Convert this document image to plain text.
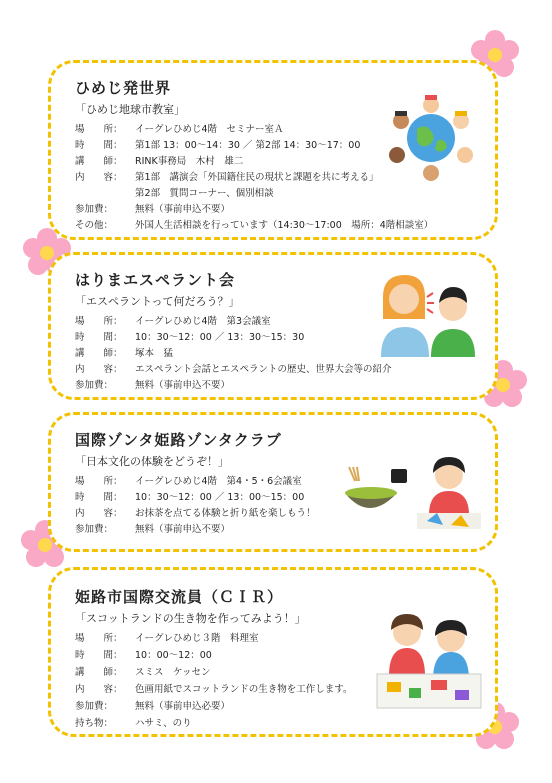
ひめじ発世界
「ひめじ地球市教室」
場　　所：	イーグレひめじ4階　セミナー室Ａ
時　　間：	第1部 13：00～14：30 ／ 第2部 14：30～17：00
講　　師：	RINK事務局　木村　雄二
内　　容：	第1部　講演会「外国籍住民の現状と課題を共に考える」
第2部　質問コーナー、個別相談
参加費：	無料（事前申込不要）
その他：	外国人生活相談を行っています（14:30～17:00　場所：4階相談室）
はりまエスペラント会
「エスペラントって何だろう？」
場　　所：	イーグレひめじ4階　第3会議室
時　　間：	10：30～12：00 ／ 13：30～15：30
講　　師：	塚本　猛
内　　容：	エスペラント会話とエスペラントの歴史、世界大会等の紹介
参加費：	無料（事前申込不要）
国際ゾンタ姫路ゾンタクラブ
「日本文化の体験をどうぞ！」
場　　所：	イーグレひめじ4階　第4・5・6会議室
時　　間：	10：30～12：00 ／ 13：00～15：00
内　　容：	お抹茶を点てる体験と折り紙を楽しもう！
参加費：	無料（事前申込不要）
姫路市国際交流員（ＣＩＲ）
「スコットランドの生き物を作ってみよう！」
場　　所：	イーグレひめじ３階　料理室
時　　間：	10：00～12：00
講　　師：	スミス　ケッセン
内　　容：	色画用紙でスコットランドの生き物を工作します。
参加費：	無料（事前申込必要）
持ち物：	ハサミ、のり
